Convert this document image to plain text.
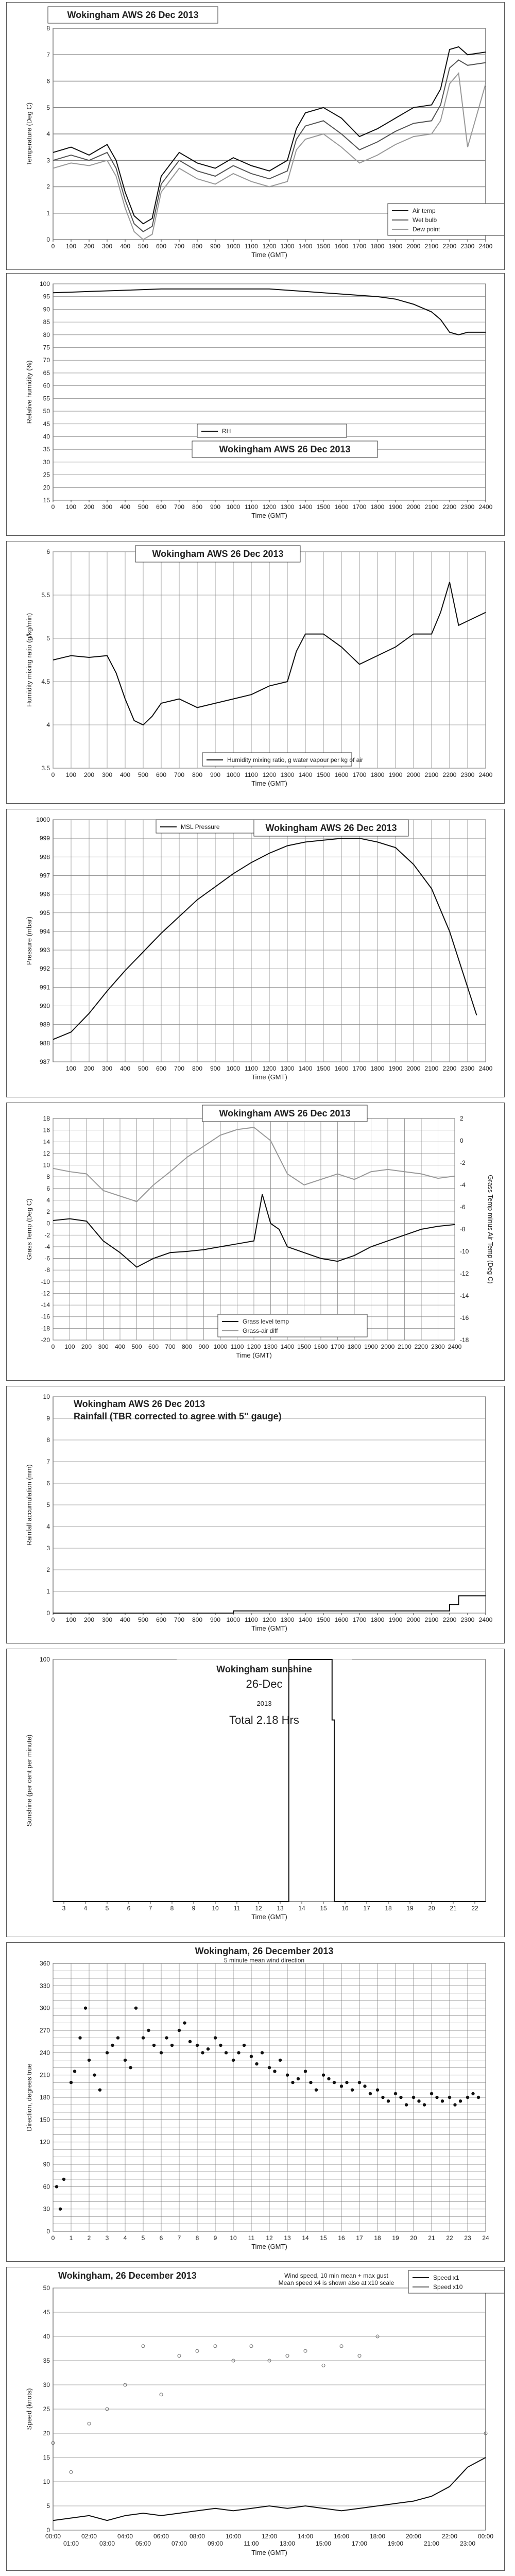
0
1
2
3
4
5
6
7
8
0 100 200 300 400 500 600 700 800 900 1000 1100 1200 1300 1400 1500 1600 1700 1800 1900 2000 2100 2200 2300 2400
Time (GMT)
Temperature (Deg C)
Wokingham AWS 26 Dec 2013
Air temp
Wet bulb
Dew point
15
20
25
30
35
40
45
50
55
60
65
70
75
80
85
90
95
100
0 100 200 300 400 500 600 700 800 900 1000 1100 1200 1300 1400 1500 1600 1700 1800 1900 2000 2100 2200 2300 2400
Time (GMT)
Relative humidity (%)
RH
Wokingham AWS 26 Dec 2013
3.5
4
4.5
5
5.5
6
0 100 200 300 400 500 600 700 800 900 1000 1100 1200 1300 1400 1500 1600 1700 1800 1900 2000 2100 2200 2300 2400
Time (GMT)
Humidity mixing ratio (g/kg/min)
Wokingham AWS 26 Dec 2013
Humidity mixing ratio, g water vapour per kg of air
987
988
989
990
991
992
993
994
995
996
997
998
999
1000
100 200 300 400 500 600 700 800 900 1000 1100 1200 1300 1400 1500 1600 1700 1800 1900 2000 2100 2200 2300 2400
Time (GMT)
Pressure (mbar)
MSL Pressure	Wokingham AWS 26 Dec 2013
-20
-18
-16
-14
-12
-10
-8
-6
-4
-2
0
2
4
6
8
10
12
14
16
18
0 100 200 300 400 500 600 700 800 900 1000 1100 1200 1300 1400 1500 1600 1700 1800 1900 2000 2100 2200 2300 2400
Time (GMT)
Grass Temp (Deg C)
Wokingham AWS 26 Dec 2013
-18
-16
-14
-12
-10
-8
-6
-4
-2
0
2
Grass Temp minus Air Temp (Deg C)
Grass level temp
Grass-air diff
0
1
2
3
4
5
6
7
8
9
10
0 100 200 300 400 500 600 700 800 900 1000 1100 1200 1300 1400 1500 1600 1700 1800 1900 2000 2100 2200 2300 2400
Time (GMT)
Rainfall accumulation (mm)
Wokingham AWS 26 Dec 2013
Rainfall (TBR corrected to agree with 5" gauge)
100
3	4	5	6	7	8	9	10 11 12 13 14 15 16 17 18 19 20 21 22
Time (GMT)
Sunshine (per cent per minute)
Wokingham sunshine
26-Dec
2013
Total 2.18 Hrs
0 1 2 3 4 5 6 7 8 9 10 11 12 13 14 15 16 17 18 19 20 21 22 23 24
Time (GMT)
Direction, degrees true
0
30
60
90
120
150
180
210
240
270
300
330
360
Wokingham, 26 December 2013
5 minute mean wind direction
0
5
10
15
20
25
30
35
40
45
50
Speed (knots)
00:00	02:00	04:00	06:00	08:00	10:00	12:00	14:00	16:00	18:00	20:00	22:00	00:00
01:00	03:00	05:00	07:00	09:00	11:00	13:00	15:00	17:00	19:00	21:00	23:00
Time (GMT)
Wokingham, 26 December 2013	Wind speed, 10 min mean + max gust
Mean speed x4 is shown also at x10 scale
Speed x1
Speed x10
